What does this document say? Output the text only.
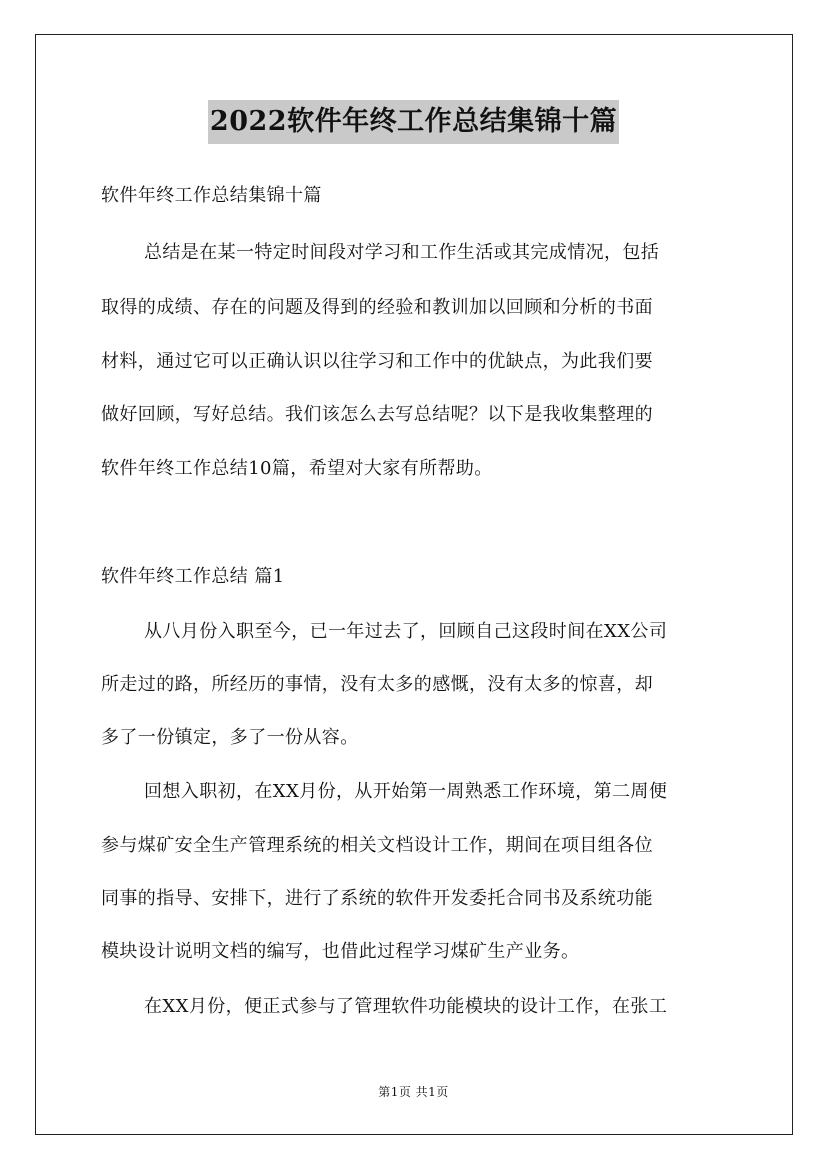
2022软件年终工作总结集锦十篇
软件年终工作总结集锦十篇
总结是在某一特定时间段对学习和工作生活或其完成情况，包括
取得的成绩、存在的问题及得到的经验和教训加以回顾和分析的书面
材料，通过它可以正确认识以往学习和工作中的优缺点，为此我们要
做好回顾，写好总结。我们该怎么去写总结呢？以下是我收集整理的
软件年终工作总结10篇，希望对大家有所帮助。
软件年终工作总结 篇1
从八月份入职至今，已一年过去了，回顾自己这段时间在XX公司
所走过的路，所经历的事情，没有太多的感慨，没有太多的惊喜，却
多了一份镇定，多了一份从容。
回想入职初，在XX月份，从开始第一周熟悉工作环境，第二周便
参与煤矿安全生产管理系统的相关文档设计工作，期间在项目组各位
同事的指导、安排下，进行了系统的软件开发委托合同书及系统功能
模块设计说明文档的编写，也借此过程学习煤矿生产业务。
在XX月份，便正式参与了管理软件功能模块的设计工作，在张工
第1页 共1页
